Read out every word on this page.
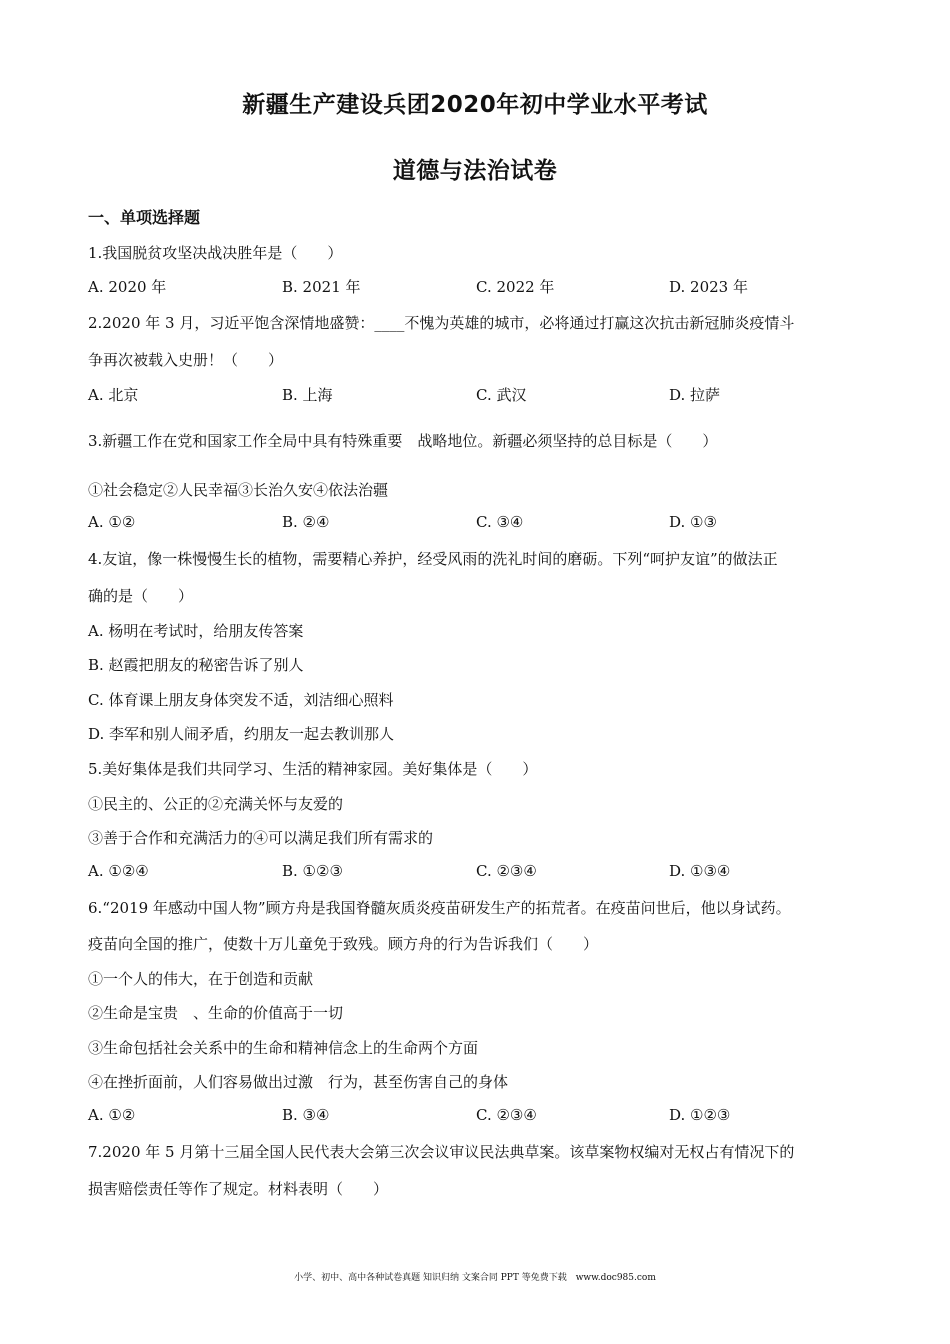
新疆生产建设兵团2020年初中学业水平考试
道德与法治试卷
一、单项选择题
1.我国脱贫攻坚决战决胜年是（　　）
A. 2020 年	B. 2021 年	C. 2022 年	D. 2023 年
2.2020 年 3 月，习近平饱含深情地盛赞：____不愧为英雄的城市，必将通过打赢这次抗击新冠肺炎疫情斗
争再次被载入史册！（　　）
A. 北京	B. 上海	C. 武汉	D. 拉萨
3.新疆工作在党和国家工作全局中具有特殊重要　战略地位。新疆必须坚持的总目标是（　　）
①社会稳定②人民幸福③长治久安④依法治疆
A. ①②	B. ②④	C. ③④	D. ①③
4.友谊，像一株慢慢生长的植物，需要精心养护，经受风雨的洗礼时间的磨砺。下列“呵护友谊”的做法正
确的是（　　）
A. 杨明在考试时，给朋友传答案
B. 赵霞把朋友的秘密告诉了别人
C. 体育课上朋友身体突发不适，刘洁细心照料
D. 李军和别人闹矛盾，约朋友一起去教训那人
5.美好集体是我们共同学习、生活的精神家园。美好集体是（　　）
①民主的、公正的②充满关怀与友爱的
③善于合作和充满活力的④可以满足我们所有需求的
A. ①②④	B. ①②③	C. ②③④	D. ①③④
6.“2019 年感动中国人物”顾方舟是我国脊髓灰质炎疫苗研发生产的拓荒者。在疫苗问世后，他以身试药。
疫苗向全国的推广，使数十万儿童免于致残。顾方舟的行为告诉我们（　　）
①一个人的伟大，在于创造和贡献
②生命是宝贵　、生命的价值高于一切
③生命包括社会关系中的生命和精神信念上的生命两个方面
④在挫折面前，人们容易做出过激　行为，甚至伤害自己的身体
A. ①②	B. ③④	C. ②③④	D. ①②③
7.2020 年 5 月第十三届全国人民代表大会第三次会议审议民法典草案。该草案物权编对无权占有情况下的
损害赔偿责任等作了规定。材料表明（　　）
小学、初中、高中各种试卷真题 知识归纳 文案合同 PPT 等免费下载　www.doc985.com
